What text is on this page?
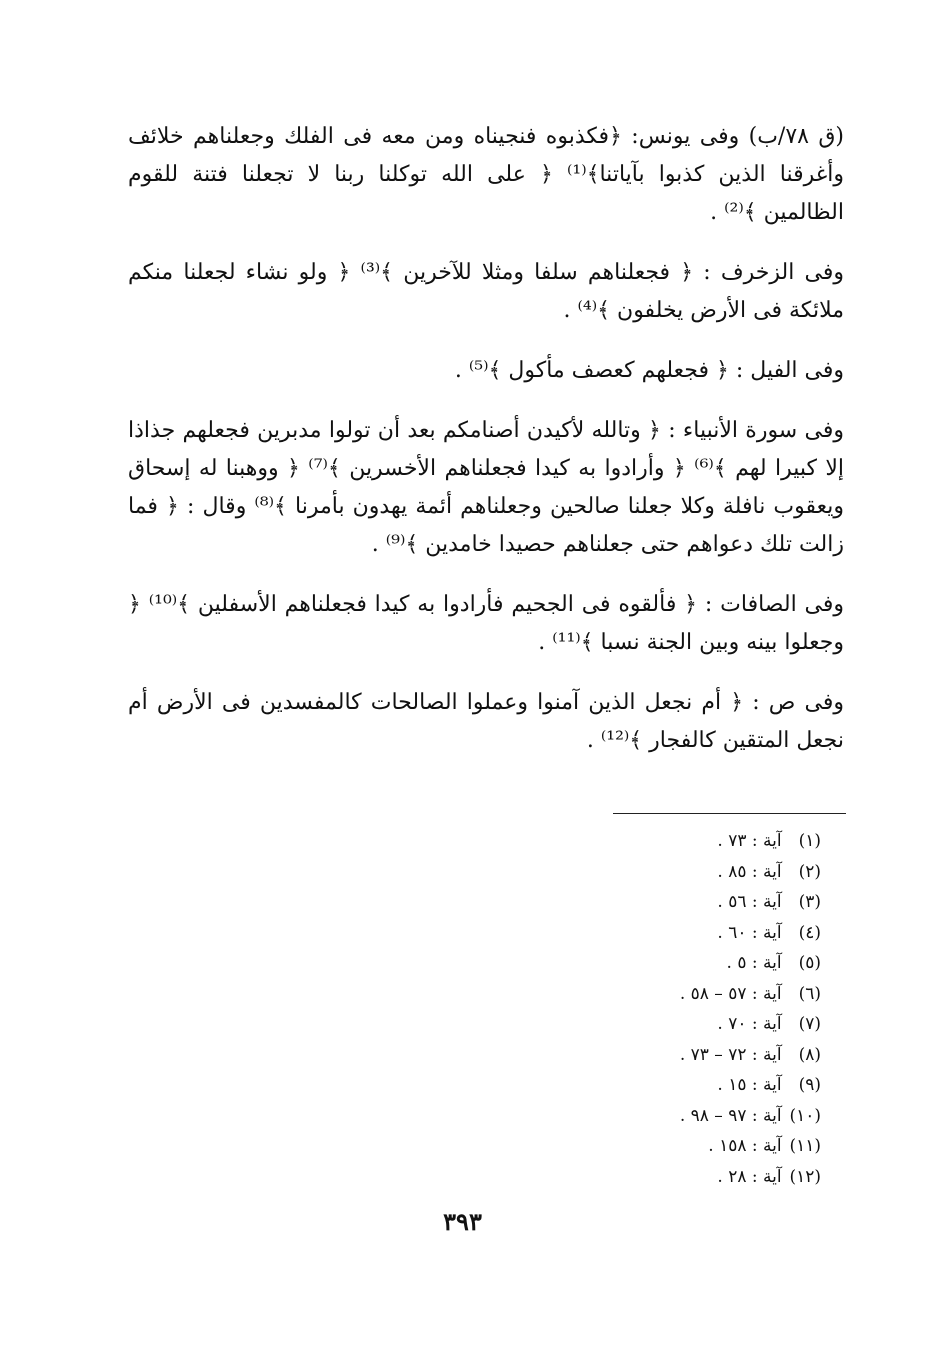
(ق ٧٨/ب) وفى يونس: ﴿فكذبوه فنجيناه ومن معه فى الفلك وجعلناهم خلائف وأغرقنا الذين كذبوا بآياتنا﴾⁽¹⁾ ﴿ على الله توكلنا ربنا لا تجعلنا فتنة للقوم الظالمين ﴾⁽²⁾ .

وفى الزخرف : ﴿ فجعلناهم سلفا ومثلا للآخرين ﴾⁽³⁾ ﴿ ولو نشاء لجعلنا منكم ملائكة فى الأرض يخلفون ﴾⁽⁴⁾ .

وفى الفيل : ﴿ فجعلهم كعصف مأكول ﴾⁽⁵⁾ .

وفى سورة الأنبياء : ﴿ وتالله لأكيدن أصنامكم بعد أن تولوا مدبرين فجعلهم جذاذا إلا كبيرا لهم ﴾⁽⁶⁾ ﴿ وأرادوا به كيدا فجعلناهم الأخسرين ﴾⁽⁷⁾ ﴿ ووهبنا له إسحاق ويعقوب نافلة وكلا جعلنا صالحين وجعلناهم أئمة يهدون بأمرنا ﴾⁽⁸⁾ وقال : ﴿ فما زالت تلك دعواهم حتى جعلناهم حصيدا خامدين ﴾⁽⁹⁾ .

وفى الصافات : ﴿ فألقوه فى الجحيم فأرادوا به كيدا فجعلناهم الأسفلين ﴾⁽¹⁰⁾ ﴿ وجعلوا بينه وبين الجنة نسبا ﴾⁽¹¹⁾ .

وفى ص : ﴿ أم نجعل الذين آمنوا وعملوا الصالحات كالمفسدين فى الأرض أم نجعل المتقين كالفجار ﴾⁽¹²⁾ .

(١) آية : ٧٣ .
(٢) آية : ٨٥ .
(٣) آية : ٥٦ .
(٤) آية : ٦٠ .
(٥) آية : ٥ .
(٦) آية : ٥٧ – ٥٨ .
(٧) آية : ٧٠ .
(٨) آية : ٧٢ – ٧٣ .
(٩) آية : ١٥ .
(١٠) آية : ٩٧ – ٩٨ .
(١١) آية : ١٥٨ .
(١٢) آية : ٢٨ .
٣٩٣
